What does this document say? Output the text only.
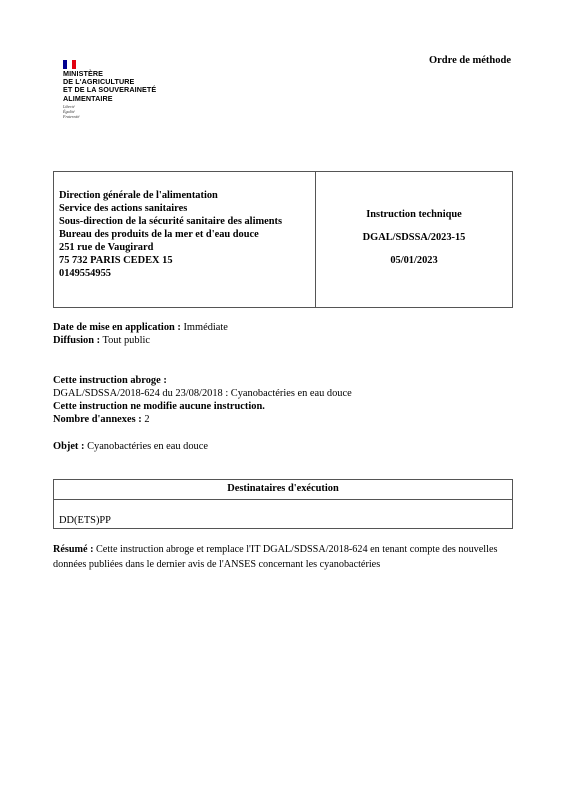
MINISTÈRE
DE L'AGRICULTURE
ET DE LA SOUVERAINETÉ
ALIMENTAIRE
Liberté
Égalité
Fraternité
Ordre de méthode
Direction générale de l'alimentation
Service des actions sanitaires
Sous-direction de la sécurité sanitaire des aliments
Bureau des produits de la mer et d'eau douce
251 rue de Vaugirard
75 732 PARIS CEDEX 15
0149554955
Instruction technique
DGAL/SDSSA/2023-15
05/01/2023
Date de mise en application : Immédiate
Diffusion : Tout public
Cette instruction abroge :
DGAL/SDSSA/2018-624 du 23/08/2018 : Cyanobactéries en eau douce
Cette instruction ne modifie aucune instruction.
Nombre d'annexes : 2
Objet : Cyanobactéries en eau douce
Destinataires d'exécution
DD(ETS)PP
Résumé : Cette instruction abroge et remplace l'IT DGAL/SDSSA/2018-624 en tenant compte des nouvelles données publiées dans le dernier avis de l'ANSES concernant les cyanobactéries
